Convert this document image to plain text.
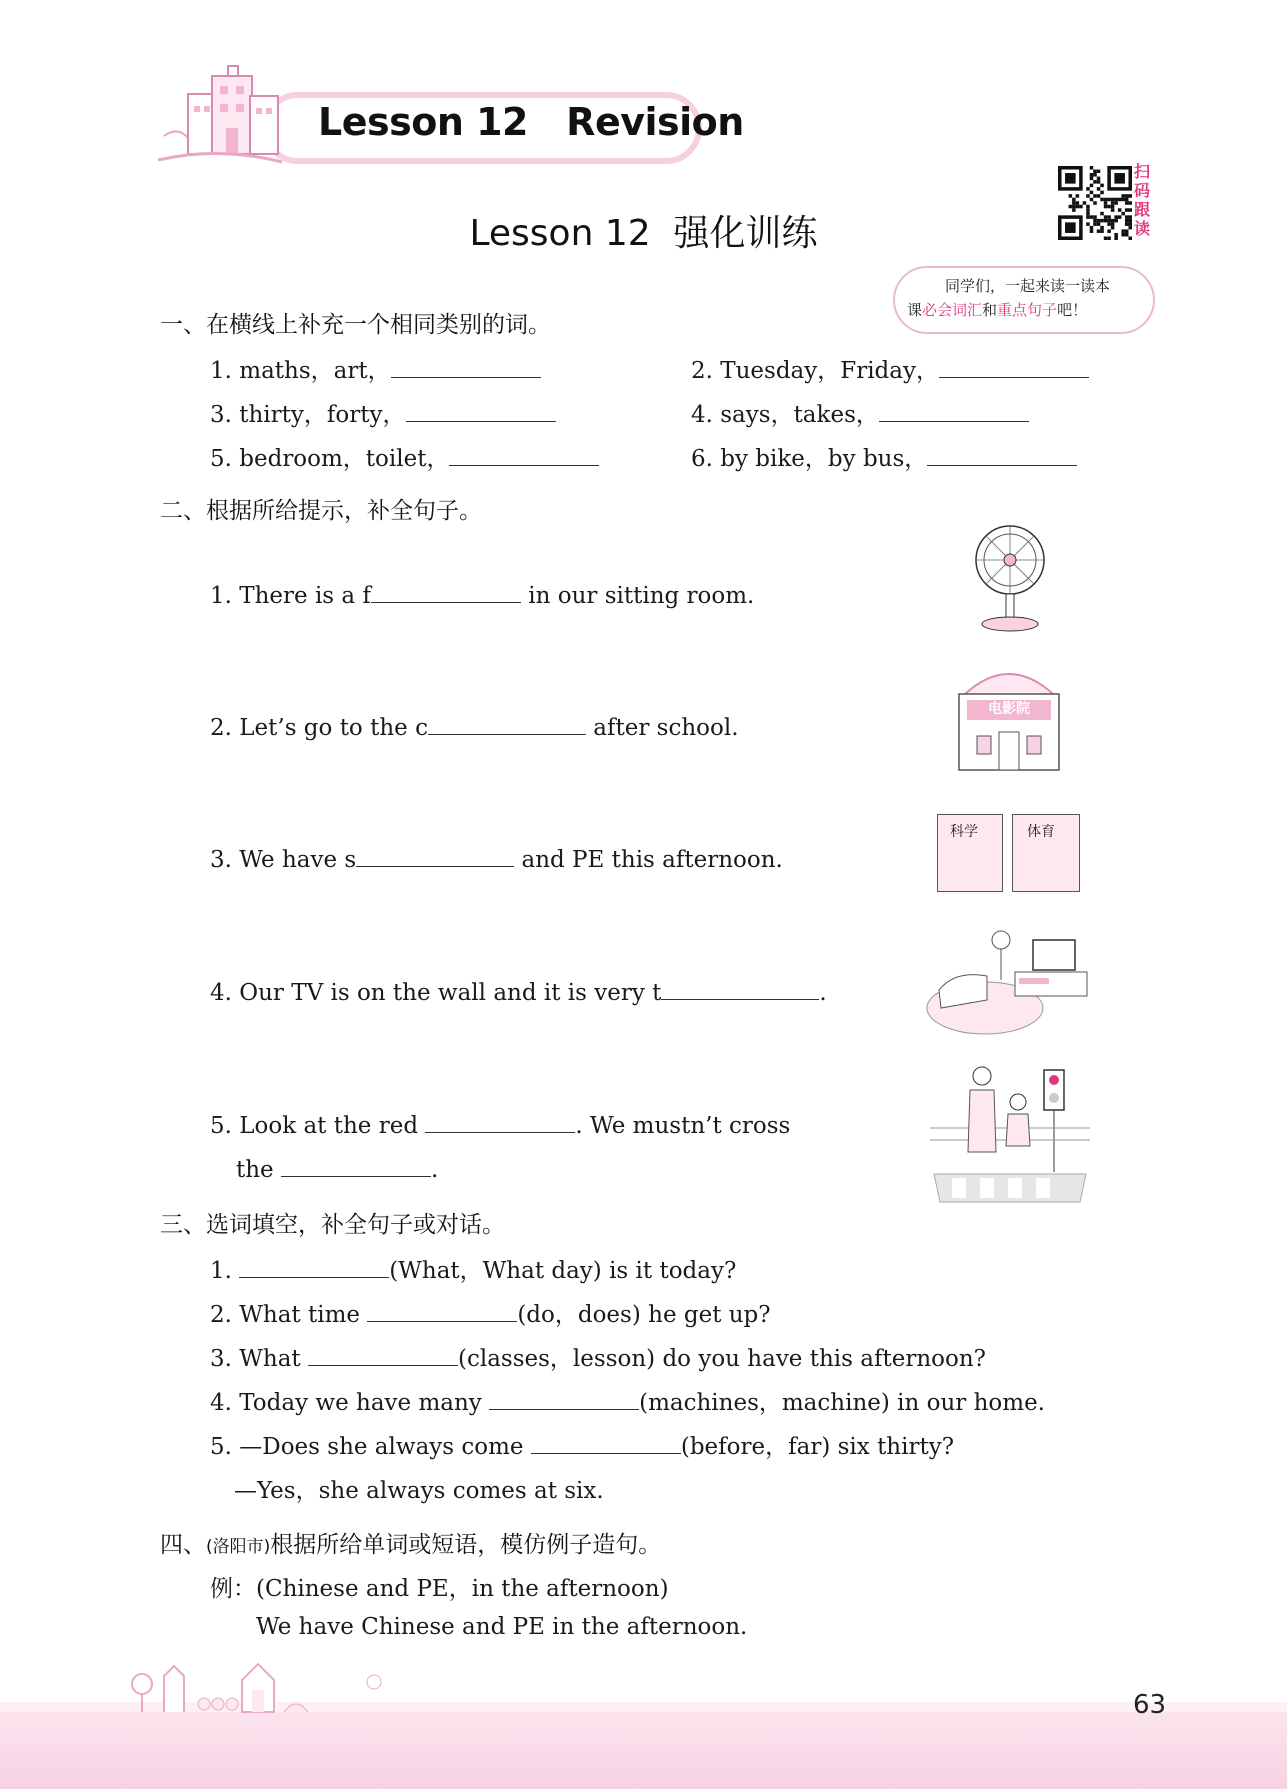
Lesson 12   Revision
Lesson 12  强化训练
扫码跟读
同学们，一起来读一读本
课必会词汇和重点句子吧！
一、在横线上补充一个相同类别的词。
1. maths，art，	2. Tuesday，Friday，
3. thirty，forty，	4. says，takes，
5. bedroom，toilet，	6. by bike，by bus，
二、根据所给提示，补全句子。
1. There is a f	in our sitting room.
2. Let’s go to the c	after school.
3. We have s	and PE this afternoon.
4. Our TV is on the wall and it is very t	.
5. Look at the red	. We mustn’t cross
the	.
电影院
科学	体育
三、选词填空，补全句子或对话。
1.	(What，What day) is it today?
2. What time	(do，does) he get up?
3. What	(classes，lesson) do you have this afternoon?
4. Today we have many	(machines，machine) in our home.
5. —Does she always come	(before，far) six thirty?
—Yes，she always comes at six.
四、(洛阳市)根据所给单词或短语，模仿例子造句。
例：(Chinese and PE，in the afternoon)
We have Chinese and PE in the afternoon.
63
